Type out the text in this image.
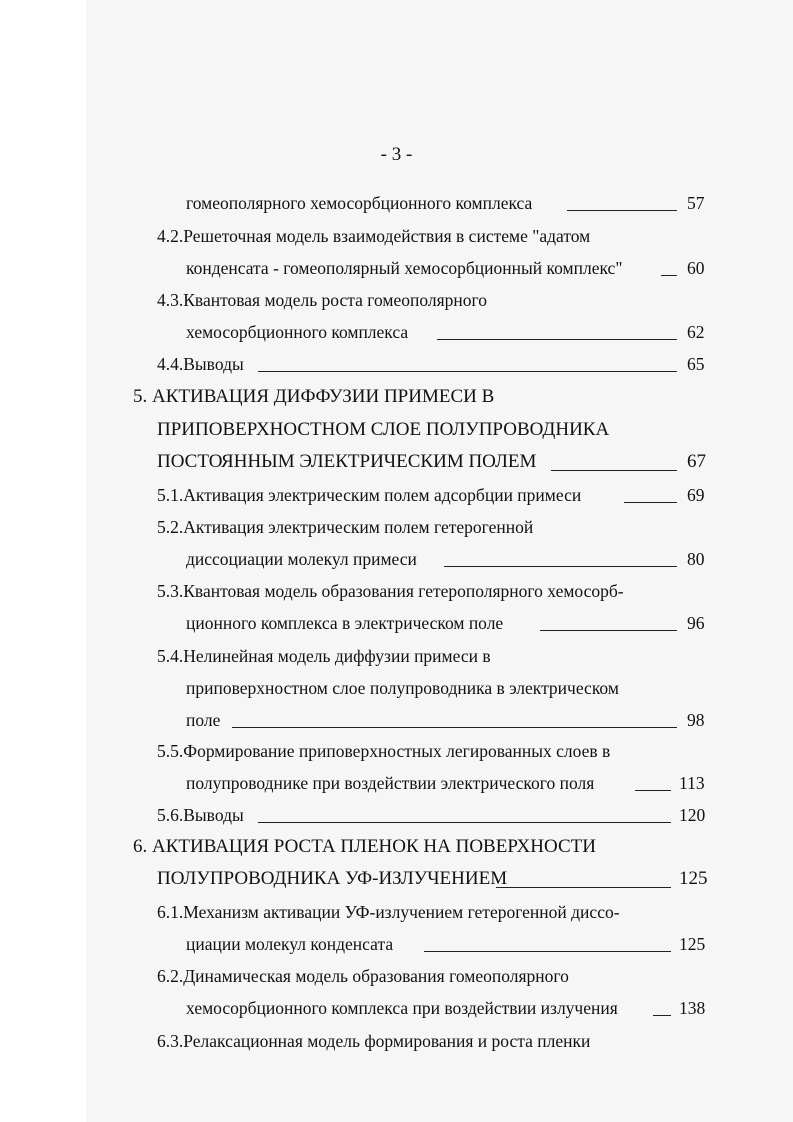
- 3 -
гомеополярного хемосорбционного комплекса	57
4.2.Решеточная модель взаимодействия в системе "адатом
конденсата - гомеополярный хемосорбционный комплекс"	60
4.3.Квантовая модель роста гомеополярного
хемосорбционного комплекса	62
4.4.Выводы	65
5. АКТИВАЦИЯ ДИФФУЗИИ ПРИМЕСИ В
ПРИПОВЕРХНОСТНОМ СЛОЕ ПОЛУПРОВОДНИКА
ПОСТОЯННЫМ ЭЛЕКТРИЧЕСКИМ ПОЛЕМ	67
5.1.Активация электрическим полем адсорбции примеси	69
5.2.Активация электрическим полем гетерогенной
диссоциации молекул примеси	80
5.3.Квантовая модель образования гетерополярного хемосорб-
ционного комплекса в электрическом поле	96
5.4.Нелинейная модель диффузии примеси в
приповерхностном слое полупроводника в электрическом
поле	98
5.5.Формирование приповерхностных легированных слоев в
полупроводнике при воздействии электрического поля	113
5.6.Выводы	120
6. АКТИВАЦИЯ РОСТА ПЛЕНОК НА ПОВЕРХНОСТИ
ПОЛУПРОВОДНИКА УФ-ИЗЛУЧЕНИЕМ	125
6.1.Механизм активации УФ-излучением гетерогенной диссо-
циации молекул конденсата	125
6.2.Динамическая модель образования гомеополярного
хемосорбционного комплекса при воздействии излучения	138
6.3.Релаксационная модель формирования и роста пленки
